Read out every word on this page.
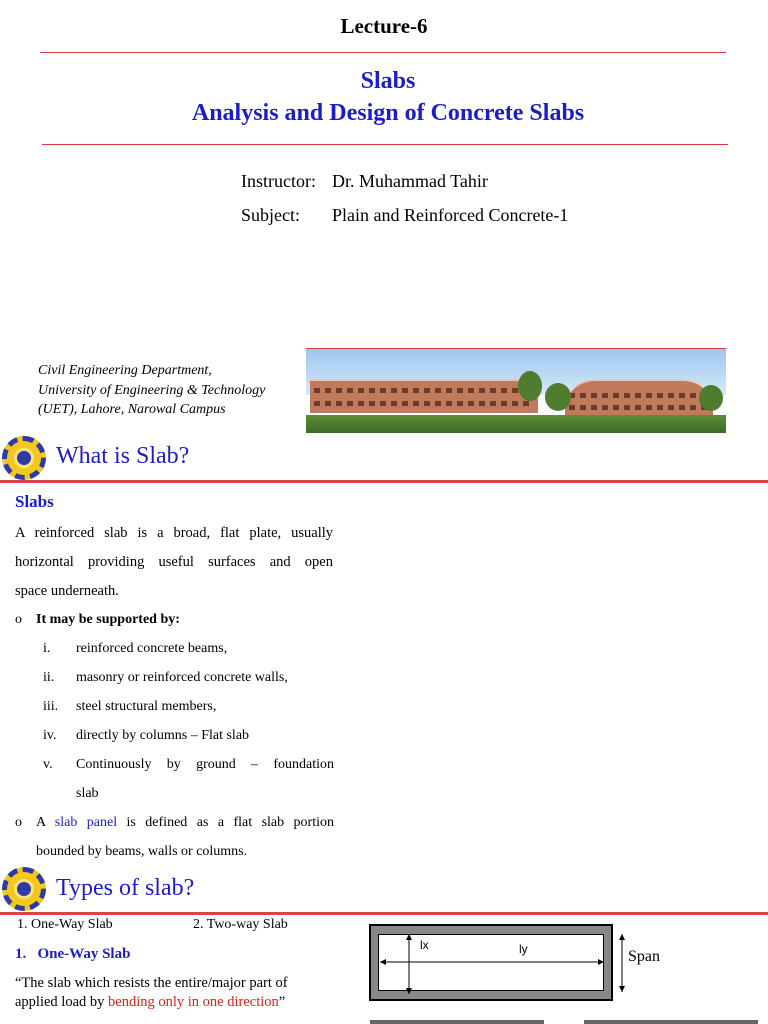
Lecture-6
Slabs
Analysis and Design of Concrete Slabs
Instructor: Dr. Muhammad Tahir
Subject: Plain and Reinforced Concrete-1
Civil Engineering Department,
University of Engineering & Technology
(UET), Lahore, Narowal Campus
What is Slab?
Slabs
A reinforced slab is a broad, flat plate, usually
horizontal providing useful surfaces and open
space underneath.
o It may be supported by:
i. reinforced concrete beams,
ii. masonry or reinforced concrete walls,
iii. steel structural members,
iv. directly by columns – Flat slab
v. Continuously by ground – foundation
slab
o A slab panel is defined as a flat slab portion
bounded by beams, walls or columns.
Types of slab?
1. One-Way Slab	2. Two-way Slab
1. One-Way Slab
“The slab which resists the entire/major part of
applied load by bending only in one direction”
lx	ly	Span
